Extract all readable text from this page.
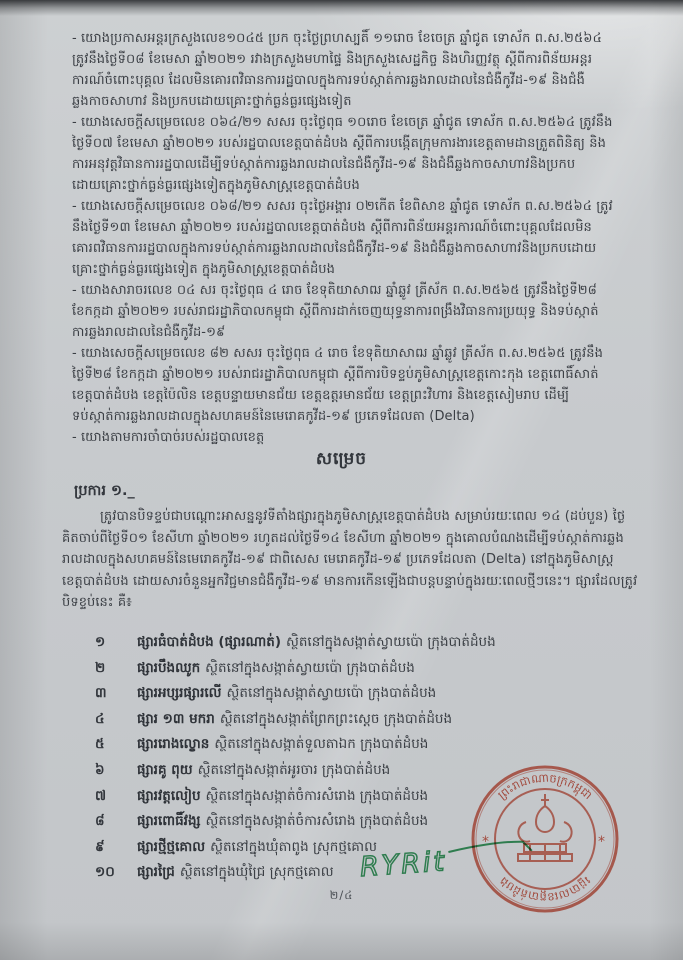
- យោងប្រកាសអន្តរក្រសួងលេខ១០៤៥ ប្រក ចុះថ្ងៃព្រហស្បតិ៍ ១១រោច ខែចេត្រ ឆ្នាំជូត ទោស័ក ព.ស.២៥៦៤
ត្រូវនឹងថ្ងៃទី០៨ ខែមេសា ឆ្នាំ២០២១ រវាងក្រសួងមហាផ្ទៃ និងក្រសួងសេដ្ឋកិច្ច និងហិរញ្ញវត្ថុ ស្តីពីការពិន័យអន្តរ
ការណ៍ចំពោះបុគ្គល ដែលមិនគោរពវិធានការរដ្ឋបាលក្នុងការទប់ស្កាត់ការឆ្លងរាលដាលនៃជំងឺកូវីដ-១៩ និងជំងឺ
ឆ្លងកាចសាហាវ និងប្រកបដោយគ្រោះថ្នាក់ធ្ងន់ធ្ងរផ្សេងទៀត
- យោងសេចក្តីសម្រេចលេខ ០៦៤/២១ សសរ ចុះថ្ងៃពុធ ១០រោច ខែចេត្រ ឆ្នាំជូត ទោស័ក ព.ស.២៥៦៤ ត្រូវនឹង
ថ្ងៃទី០៧ ខែមេសា ឆ្នាំ២០២១ របស់រដ្ឋបាលខេត្តបាត់ដំបង ស្តីពីការបង្កើតក្រុមការងារខេត្តតាមដានត្រួតពិនិត្យ និង
ការអនុវត្តវិធានការរដ្ឋបាលដើម្បីទប់ស្កាត់ការឆ្លងរាលដាលនៃជំងឺកូវីដ-១៩ និងជំងឺឆ្លងកាចសាហាវនិងប្រកប
ដោយគ្រោះថ្នាក់ធ្ងន់ធ្ងរផ្សេងទៀតក្នុងភូមិសាស្រ្តខេត្តបាត់ដំបង
- យោងសេចក្តីសម្រេចលេខ ០៦៨/២១ សសរ ចុះថ្ងៃអង្គារ ០២កើត ខែពិសាខ ឆ្នាំជូត ទោស័ក ព.ស.២៥៦៤ ត្រូវ
នឹងថ្ងៃទី១៣ ខែមេសា ឆ្នាំ២០២១ របស់រដ្ឋបាលខេត្តបាត់ដំបង ស្តីពីការពិន័យអន្តរការណ៍ចំពោះបុគ្គលដែលមិន
គោរពវិធានការរដ្ឋបាលក្នុងការទប់ស្កាត់ការឆ្លងរាលដាលនៃជំងឺកូវីដ-១៩ និងជំងឺឆ្លងកាចសាហាវនិងប្រកបដោយ
គ្រោះថ្នាក់ធ្ងន់ធ្ងរផ្សេងទៀត ក្នុងភូមិសាស្រ្តខេត្តបាត់ដំបង
- យោងសារាចរលេខ ០៤ សរ ចុះថ្ងៃពុធ ៤ រោច ខែទុតិយាសាឍ ឆ្នាំឆ្លូវ ត្រីស័ក ព.ស.២៥៦៥ ត្រូវនឹងថ្ងៃទី២៨
ខែកក្កដា ឆ្នាំ២០២១ របស់រាជរដ្ឋាភិបាលកម្ពុជា ស្តីពីការដាក់ចេញយុទ្ធនាការពង្រឹងវិធានការប្រយុទ្ធ និងទប់ស្កាត់
ការឆ្លងរាលដាលនៃជំងឺកូវីដ-១៩
- យោងសេចក្តីសម្រេចលេខ ៨២ សសរ ចុះថ្ងៃពុធ ៤ រោច ខែទុតិយាសាឍ ឆ្នាំឆ្លូវ ត្រីស័ក ព.ស.២៥៦៥ ត្រូវនឹង
ថ្ងៃទី២៨ ខែកក្កដា ឆ្នាំ២០២១ របស់រាជរដ្ឋាភិបាលកម្ពុជា ស្តីពីការបិទខ្ទប់ភូមិសាស្រ្តខេត្តកោះកុង ខេត្តពោធិ៍សាត់
ខេត្តបាត់ដំបង ខេត្តប៉ៃលិន ខេត្តបន្ទាយមានជ័យ ខេត្តឧត្តរមានជ័យ ខេត្តព្រះវិហារ និងខេត្តសៀមរាប ដើម្បី
ទប់ស្កាត់ការឆ្លងរាលដាលក្នុងសហគមន៍នៃមេរោគកូវីដ-១៩ ប្រភេទដែលតា (Delta)
- យោងតាមការចាំបាច់របស់រដ្ឋបាលខេត្ត
សម្រេច
ប្រការ ១._
ត្រូវបានបិទខ្ទប់ជាបណ្តោះអាសន្ននូវទីតាំងផ្សារក្នុងភូមិសាស្រ្តខេត្តបាត់ដំបង សម្រាប់រយៈពេល ១៤ (ដប់បួន) ថ្ងៃ
គិតចាប់ពីថ្ងៃទី០១ ខែសីហា ឆ្នាំ២០២១ រហូតដល់ថ្ងៃទី១៤ ខែសីហា ឆ្នាំ២០២១ ក្នុងគោលបំណងដើម្បីទប់ស្កាត់ការឆ្លង
រាលដាលក្នុងសហគមន៍នៃមេរោគកូវីដ-១៩ ជាពិសេស មេរោគកូវីដ-១៩ ប្រភេទដែលតា (Delta) នៅក្នុងភូមិសាស្រ្ត
ខេត្តបាត់ដំបង ដោយសារចំនួនអ្នកវិជ្ជមានជំងឺកូវីដ-១៩ មានការកើនឡើងជាបន្តបន្ទាប់ក្នុងរយៈពេលថ្មីៗនេះ។ ផ្សារដែលត្រូវ
បិទខ្ទប់នេះ គឺ៖
១ ផ្សារធំបាត់ដំបង (ផ្សារណាត់) ស្ថិតនៅក្នុងសង្កាត់ស្វាយប៉ោ ក្រុងបាត់ដំបង
២ ផ្សារបឹងឈូក ស្ថិតនៅក្នុងសង្កាត់ស្វាយប៉ោ ក្រុងបាត់ដំបង
៣ ផ្សារអប្សរផ្សារលើ ស្ថិតនៅក្នុងសង្កាត់ស្វាយប៉ោ ក្រុងបាត់ដំបង
៤ ផ្សារ ១៣ មករា ស្ថិតនៅក្នុងសង្កាត់ព្រែកព្រះស្តេច ក្រុងបាត់ដំបង
៥ ផ្សាររោងល្ខោន ស្ថិតនៅក្នុងសង្កាត់ទួលតាឯក ក្រុងបាត់ដំបង
៦ ផ្សារគូ ពុយ ស្ថិតនៅក្នុងសង្កាត់អូរចារ ក្រុងបាត់ដំបង
៧ ផ្សារវត្តលៀប ស្ថិតនៅក្នុងសង្កាត់ចំការសំរោង ក្រុងបាត់ដំបង
៨ ផ្សារពោធិ៍វង្ស ស្ថិតនៅក្នុងសង្កាត់ចំការសំរោង ក្រុងបាត់ដំបង
៩ ផ្សារថ្មីថ្មគោល ស្ថិតនៅក្នុងឃុំតាពូង ស្រុកថ្មគោល
១០ ផ្សារជ្រៃ ស្ថិតនៅក្នុងឃុំជ្រៃ ស្រុកថ្មគោល RYRit
ព្រះរាជាណាចក្រកម្ពុជា
រដ្ឋបាលខេត្តបាត់ដំបង
*	*
២/៤
